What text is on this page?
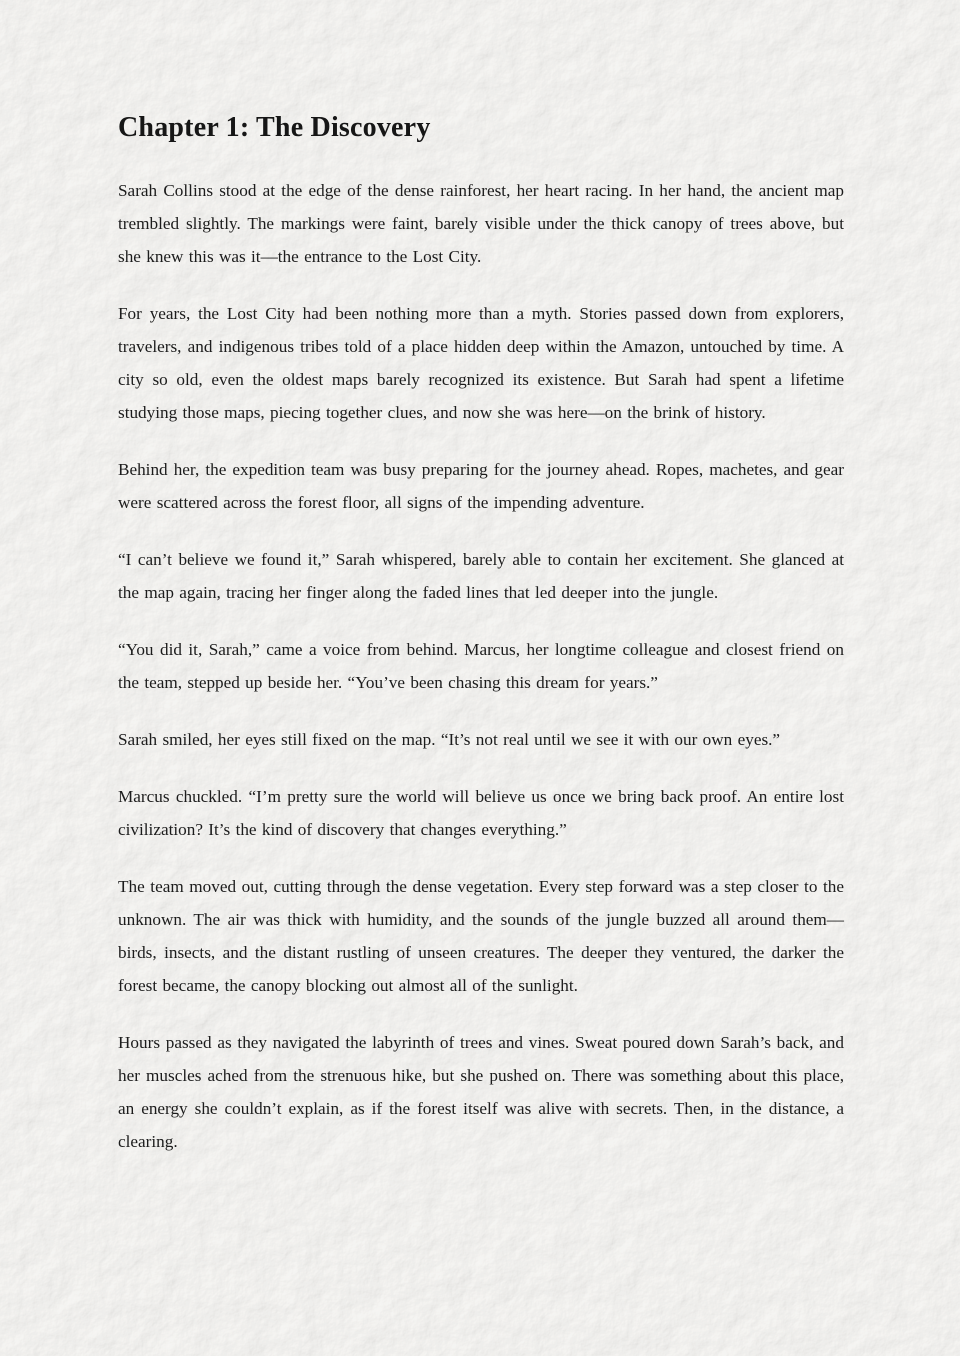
Chapter 1: The Discovery

Sarah Collins stood at the edge of the dense rainforest, her heart racing. In her hand, the ancient map trembled slightly. The markings were faint, barely visible under the thick canopy of trees above, but she knew this was it—the entrance to the Lost City.

For years, the Lost City had been nothing more than a myth. Stories passed down from explorers, travelers, and indigenous tribes told of a place hidden deep within the Amazon, untouched by time. A city so old, even the oldest maps barely recognized its existence. But Sarah had spent a lifetime studying those maps, piecing together clues, and now she was here—on the brink of history.

Behind her, the expedition team was busy preparing for the journey ahead. Ropes, machetes, and gear were scattered across the forest floor, all signs of the impending adventure.

“I can’t believe we found it,” Sarah whispered, barely able to contain her excitement. She glanced at the map again, tracing her finger along the faded lines that led deeper into the jungle.

“You did it, Sarah,” came a voice from behind. Marcus, her longtime colleague and closest friend on the team, stepped up beside her. “You’ve been chasing this dream for years.”

Sarah smiled, her eyes still fixed on the map. “It’s not real until we see it with our own eyes.”

Marcus chuckled. “I’m pretty sure the world will believe us once we bring back proof. An entire lost civilization? It’s the kind of discovery that changes everything.”

The team moved out, cutting through the dense vegetation. Every step forward was a step closer to the unknown. The air was thick with humidity, and the sounds of the jungle buzzed all around them—birds, insects, and the distant rustling of unseen creatures. The deeper they ventured, the darker the forest became, the canopy blocking out almost all of the sunlight.

Hours passed as they navigated the labyrinth of trees and vines. Sweat poured down Sarah’s back, and her muscles ached from the strenuous hike, but she pushed on. There was something about this place, an energy she couldn’t explain, as if the forest itself was alive with secrets. Then, in the distance, a clearing.
